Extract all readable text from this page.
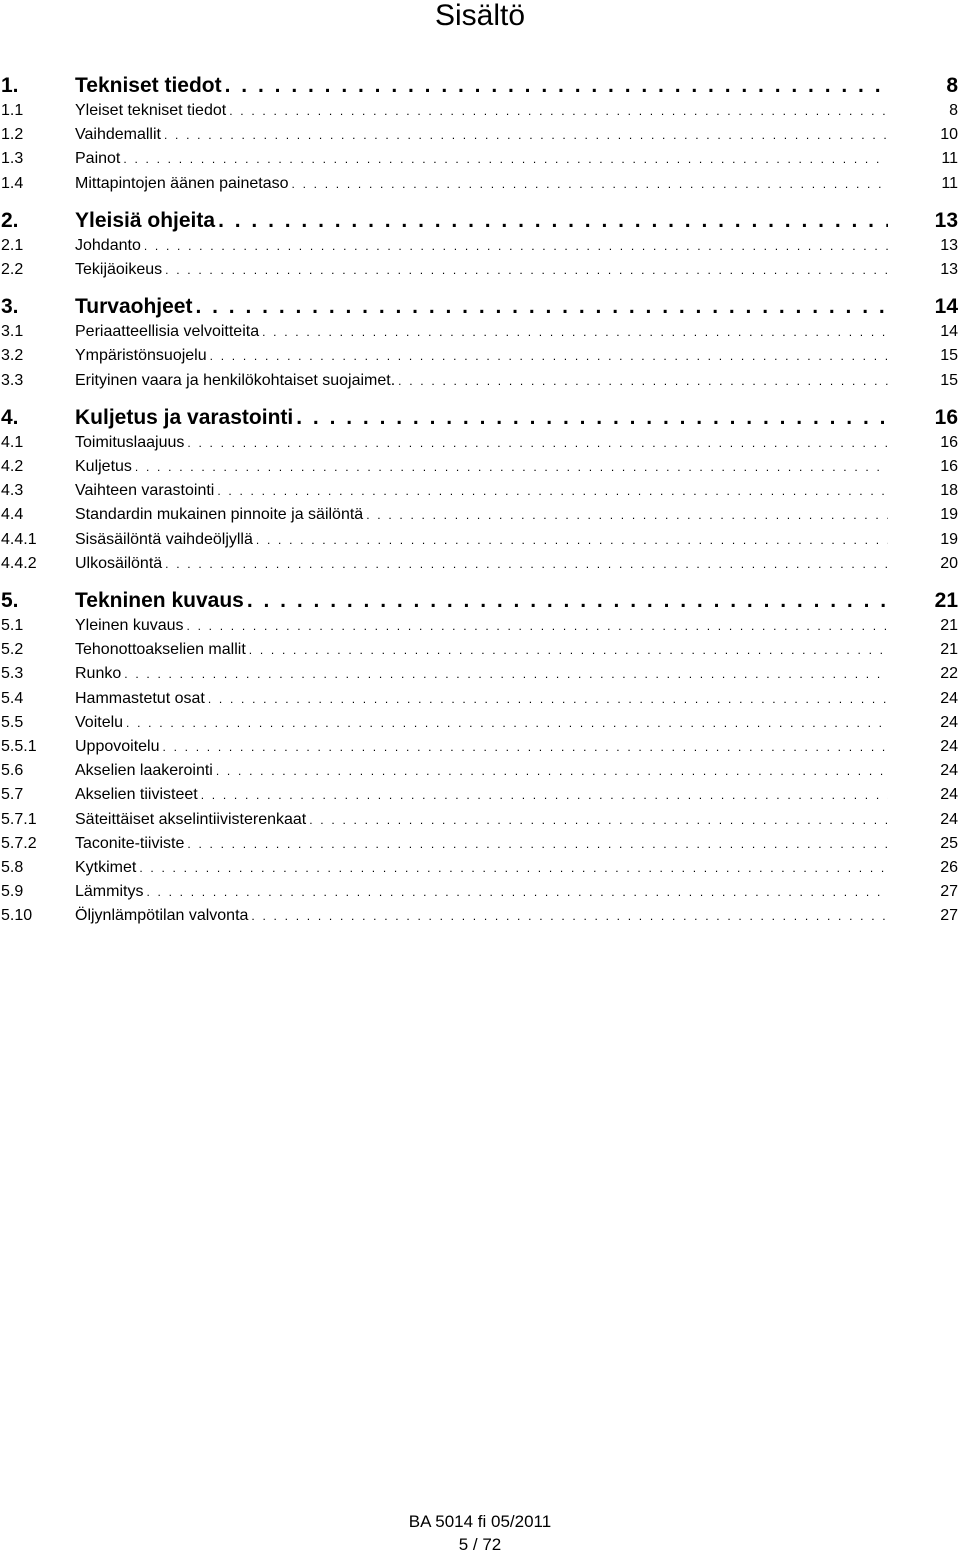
Sisältö
1.	Tekniset tiedot . . .	8
1.1	Yleiset tekniset tiedot . . .	8
1.2	Vaihdemallit . . .	10
1.3	Painot . . .	11
1.4	Mittapintojen äänen painetaso . . .	11
2.	Yleisiä ohjeita . . .	13
2.1	Johdanto . . .	13
2.2	Tekijäoikeus . . .	13
3.	Turvaohjeet . . .	14
3.1	Periaatteellisia velvoitteita . . .	14
3.2	Ympäristönsuojelu . . .	15
3.3	Erityinen vaara ja henkilökohtaiset suojaimet. . . .	15
4.	Kuljetus ja varastointi . . .	16
4.1	Toimituslaajuus . . .	16
4.2	Kuljetus . . .	16
4.3	Vaihteen varastointi . . .	18
4.4	Standardin mukainen pinnoite ja säilöntä . . .	19
4.4.1	Sisäsäilöntä vaihdeöljyllä . . .	19
4.4.2	Ulkosäilöntä . . .	20
5.	Tekninen kuvaus . . .	21
5.1	Yleinen kuvaus . . .	21
5.2	Tehonottoakselien mallit . . .	21
5.3	Runko . . .	22
5.4	Hammastetut osat . . .	24
5.5	Voitelu . . .	24
5.5.1	Uppovoitelu . . .	24
5.6	Akselien laakerointi . . .	24
5.7	Akselien tiivisteet . . .	24
5.7.1	Säteittäiset akselintiivisterenkaat . . .	24
5.7.2	Taconite-tiiviste . . .	25
5.8	Kytkimet . . .	26
5.9	Lämmitys . . .	27
5.10	Öljynlämpötilan valvonta . . .	27
BA 5014 fi 05/2011
5 / 72
